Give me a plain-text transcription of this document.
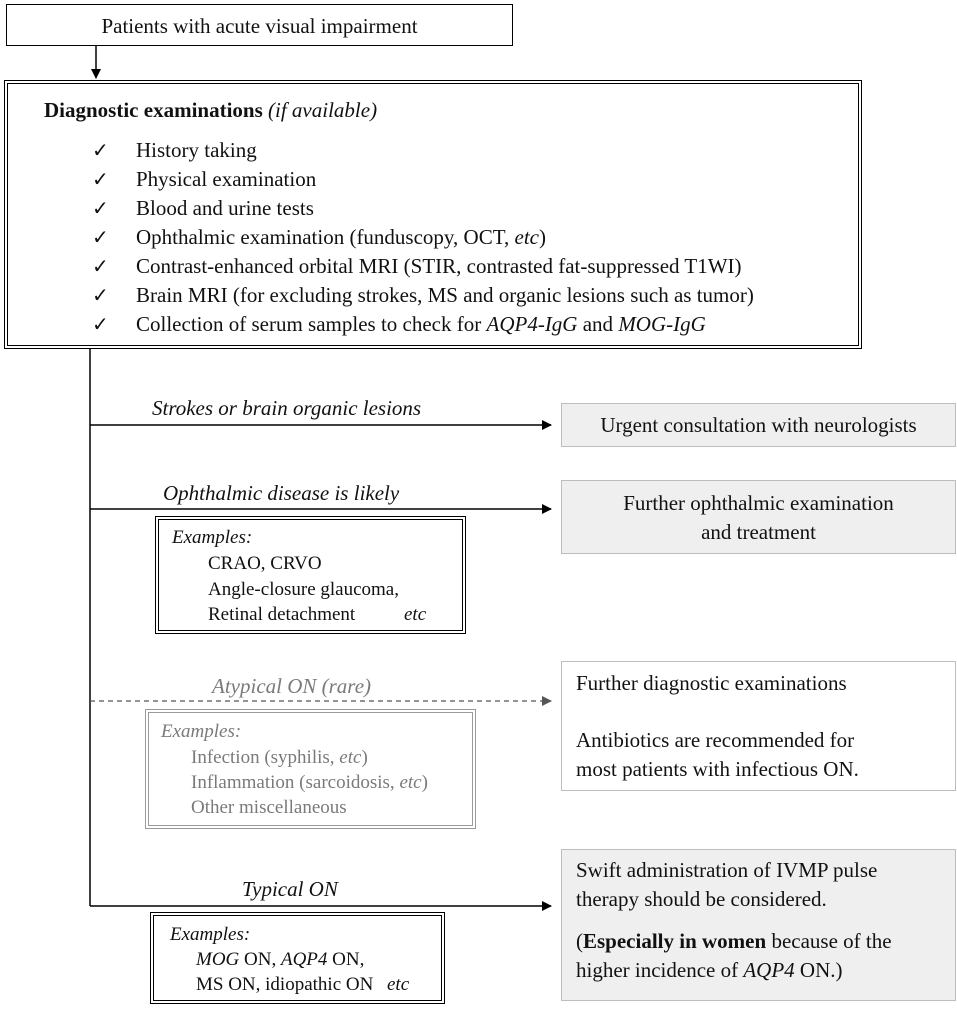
Patients with acute visual impairment
Diagnostic examinations (if available)
✓ History taking
✓ Physical examination
✓ Blood and urine tests
✓ Ophthalmic examination (funduscopy, OCT, etc)
✓ Contrast-enhanced orbital MRI (STIR, contrasted fat-suppressed T1WI)
✓ Brain MRI (for excluding strokes, MS and organic lesions such as tumor)
✓ Collection of serum samples to check for AQP4-IgG and MOG-IgG
Strokes or brain organic lesions
Urgent consultation with neurologists
Ophthalmic disease is likely	Further ophthalmic examination
and treatment
Examples:
CRAO, CRVO
Angle-closure glaucoma,
Retinal detachment	etc
Atypical ON (rare)	Further diagnostic examinations
Antibiotics are recommended for
most patients with infectious ON.
Examples:
Infection (syphilis, etc)
Inflammation (sarcoidosis, etc)
Other miscellaneous
Typical ON
Swift administration of IVMP pulse
therapy should be considered.
(Especially in women because of the
higher incidence of AQP4 ON.)
Examples:
MOG ON, AQP4 ON,
MS ON, idiopathic ON etc
